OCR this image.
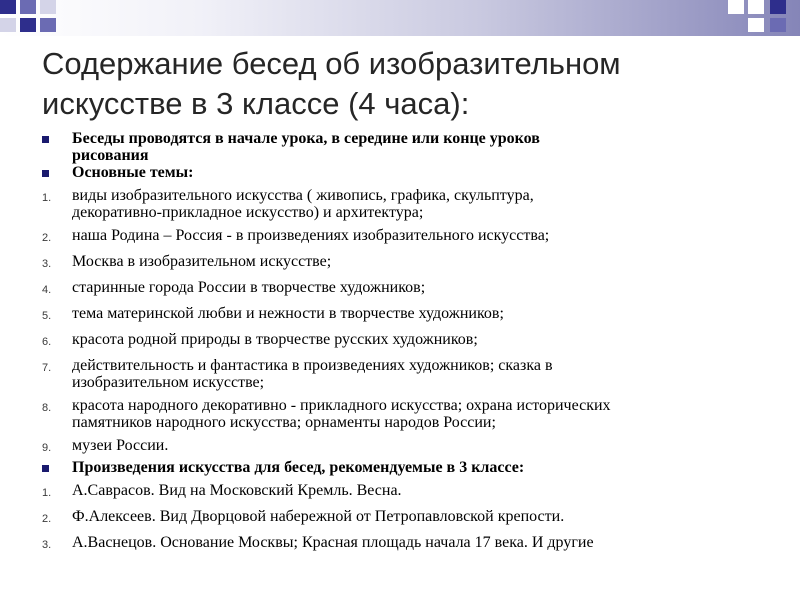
Содержание бесед об изобразительном
искусстве в 3 классе (4 часа):
Беседы проводятся в начале урока, в середине или конце уроков
рисования
Основные темы:
1.	виды изобразительного искусства ( живопись, графика, скульптура,
декоративно-прикладное искусство) и архитектура;
2.	наша Родина – Россия - в произведениях изобразительного искусства;
3.	Москва в изобразительном искусстве;
4.	старинные города России в творчестве художников;
5.	тема материнской любви и нежности в творчестве художников;
6.	красота родной природы в творчестве русских художников;
7.	действительность и фантастика в произведениях художников; сказка в
изобразительном искусстве;
8.	красота народного декоративно - прикладного искусства; охрана исторических
памятников народного искусства; орнаменты народов России;
9.	музеи России.
Произведения искусства для бесед, рекомендуемые в 3 классе:
1.	А.Саврасов. Вид на Московский Кремль. Весна.
2.	Ф.Алексеев. Вид Дворцовой набережной от Петропавловской крепости.
3.	А.Васнецов. Основание Москвы; Красная площадь начала 17 века. И другие
